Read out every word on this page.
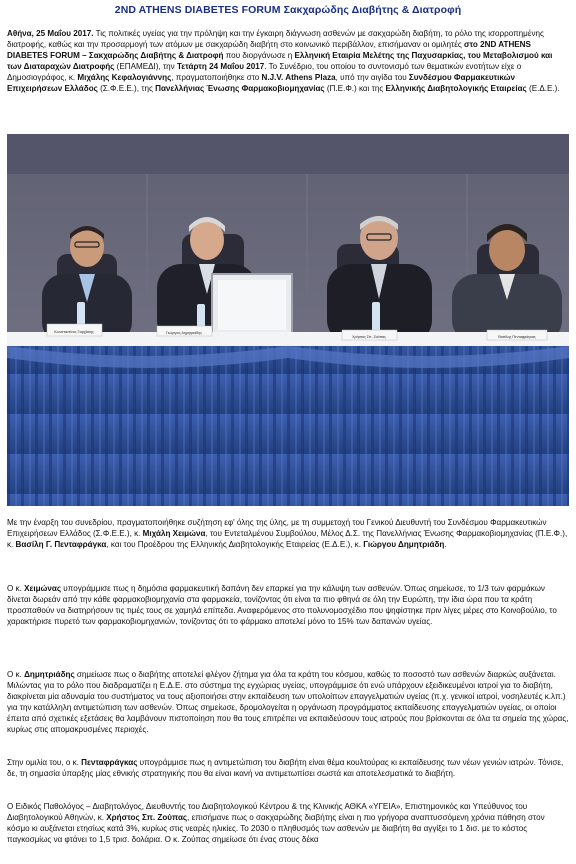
2ND ATHENS DIABETES FORUM Σακχαρώδης Διαβήτης & Διατροφή

Αθήνα, 25 Μαΐου 2017. Τις πολιτικές υγείας για την πρόληψη και την έγκαιρη διάγνωση ασθενών με σακχαρώδη διαβήτη, το ρόλο της ισορροπημένης διατροφής, καθώς και την προσαρμογή των ατόμων με σακχαρώδη διαβήτη στο κοινωνικό περιβάλλον, επισήμαναν οι ομιλητές στο 2ND ATHENS DIABETES FORUM – Σακχαρώδης Διαβήτης & Διατροφή που διοργάνωσε η Ελληνική Εταιρία Μελέτης της Παχυσαρκίας, του Μεταβολισμού και των Διαταραχών Διατροφής (ΕΠΑΜΕΔΙ), την Τετάρτη 24 Μαΐου 2017. Το Συνέδριο, του οποίου το συντονισμό των θεματικών ενοτήτων είχε ο Δημοσιογράφος, κ. Μιχάλης Κεφαλογιάννης, πραγματοποιήθηκε στο N.J.V. Athens Plaza, υπό την αιγίδα του Συνδέσμου Φαρμακευτικών Επιχειρήσεων Ελλάδος (Σ.Φ.Ε.Ε.), της Πανελλήνιας Ένωσης Φαρμακοβιομηχανίας (Π.Ε.Φ.) και της Ελληνικής Διαβητολογικής Εταιρείας (Ε.Δ.Ε.).

Κωνσταντίνος Ξαρχάσης	Γεώργιος Δημητριάδης
Χρήστος Σπ. Ζούπας	Βασίλης Πενταφράγκας

Με την έναρξη του συνεδρίου, πραγματοποιήθηκε συζήτηση εφ' όλης της ύλης, με τη συμμετοχή του Γενικού Διευθυντή του Συνδέσμου Φαρμακευτικών Επιχειρήσεων Ελλάδος (Σ.Φ.Ε.Ε.), κ. Μιχάλη Χειμώνα, του Εντεταλμένου Συμβούλου, Μέλος Δ.Σ. της Πανελλήνιας Ένωσης Φαρμακοβιομηχανίας (Π.Ε.Φ.), κ. Βασίλη Γ. Πενταφράγκα, και του Προέδρου της Ελληνικής Διαβητολογικής Εταιρείας (Ε.Δ.Ε.), κ. Γιώργου Δημητριάδη.

Ο κ. Χειμώνας υπογράμμισε πως η δημόσια φαρμακευτική δαπάνη δεν επαρκεί για την κάλυψη των ασθενών. Όπως σημείωσε, το 1/3 των φαρμάκων δίνεται δωρεάν από την κάθε φαρμακοβιομηχανία στα φαρμακεία, τονίζοντας ότι είναι τα πιο φθηνά σε όλη την Ευρώπη, την ίδια ώρα που τα κράτη προσπαθούν να διατηρήσουν τις τιμές τους σε χαμηλά επίπεδα. Αναφερόμενος στο πολυνομοσχέδιο που ψηφίστηκε πριν λίγες μέρες στο Κοινοβούλιο, το χαρακτήρισε πυρετό των φαρμακοβιομηχανιών, τονίζοντας ότι το φάρμακο αποτελεί μόνο το 15% των δαπανών υγείας.

Ο κ. Δημητριάδης σημείωσε πως ο διαβήτης αποτελεί φλέγον ζήτημα για όλα τα κράτη του κόσμου, καθώς το ποσοστό των ασθενών διαρκώς αυξάνεται. Μιλώντας για το ρόλο που διαδραματίζει η Ε.Δ.Ε. στο σύστημα της εγχώριας υγείας, υπογράμμισε ότι ενώ υπάρχουν εξειδικευμένοι ιατροί για το διαβήτη, διακρίνεται μία αδυναμία του συστήματος να τους αξιοποιήσει στην εκπαίδευση των υπολοίπων επαγγελματιών υγείας (π.χ. γενικοί ιατροί, νοσηλευτές κ.λπ.) για την κατάλληλη αντιμετώπιση των ασθενών. Όπως σημείωσε, δρομολογείται η οργάνωση προγράμματος εκπαίδευσης επαγγελματιών υγείας, οι οποίοι έπειτα από σχετικές εξετάσεις θα λαμβάνουν πιστοποίηση που θα τους επιτρέπει να εκπαιδεύσουν τους ιατρούς που βρίσκονται σε όλα τα σημεία της χώρας, κυρίως στις απομακρυσμένες περιοχές.

Στην ομιλία του, ο κ. Πενταφράγκας υπογράμμισε πως η αντιμετώπιση του διαβήτη είναι θέμα κουλτούρας κι εκπαίδευσης των νέων γενιών ιατρών. Τόνισε, δε, τη σημασία ύπαρξης μίας εθνικής στρατηγικής που θα είναι ικανή να αντιμετωπίσει σωστά και αποτελεσματικά το διαβήτη.

Ο Ειδικός Παθολόγος – Διαβητολόγος, Διευθυντής του Διαβητολογικού Κέντρου & της Κλινικής ΑΘΚΑ «ΥΓΕΙΑ», Επιστημονικός και Υπεύθυνος του Διαβητολογικού Αθηνών, κ. Χρήστος Σπ. Ζούπας, επισήμανε πως ο σακχαρώδης διαβήτης είναι η πιο γρήγορα αναπτυσσόμενη χρόνια πάθηση στον κόσμο κι αυξάνεται ετησίως κατά 3%, κυρίως στις νεαρές ηλικίες. Το 2030 ο πληθυσμός των ασθενών με διαβήτη θα αγγίξει το 1 δισ. με το κόστος παγκοσμίως να φτάνει το 1,5 τρισ. δολάρια. Ο κ. Ζούπας σημείωσε ότι ένας στους δέκα
